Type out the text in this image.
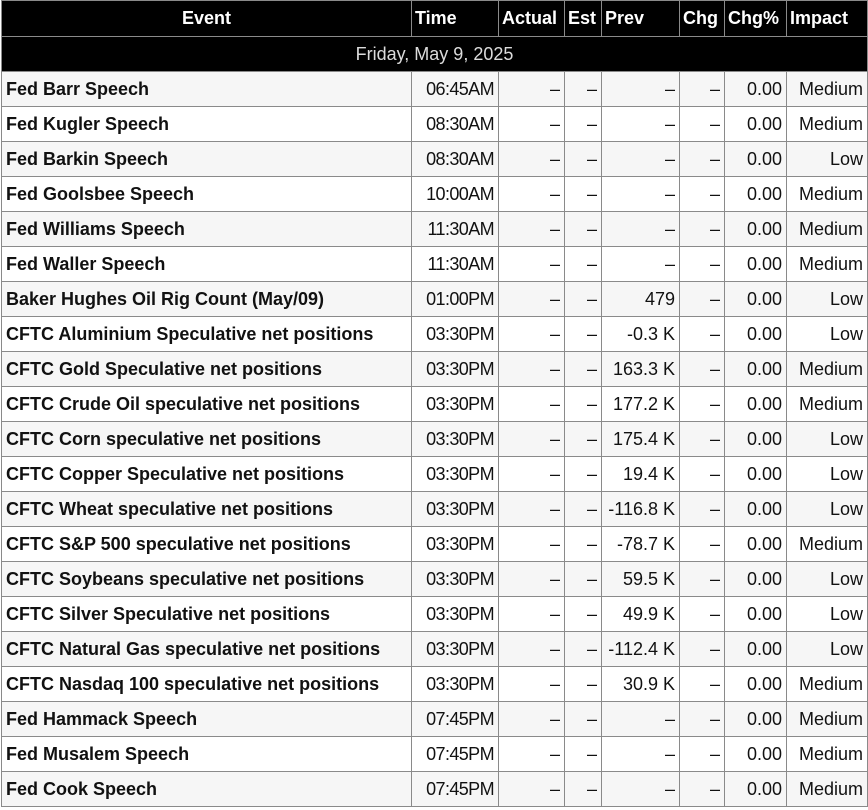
Event	Time	Actual	Est	Prev	Chg	Chg%	Impact
Friday, May 9, 2025							
Fed Barr Speech	06:45AM	–	–	–	–	0.00	Medium
Fed Kugler Speech	08:30AM	–	–	–	–	0.00	Medium
Fed Barkin Speech	08:30AM	–	–	–	–	0.00	Low
Fed Goolsbee Speech	10:00AM	–	–	–	–	0.00	Medium
Fed Williams Speech	11:30AM	–	–	–	–	0.00	Medium
Fed Waller Speech	11:30AM	–	–	–	–	0.00	Medium
Baker Hughes Oil Rig Count (May/09)	01:00PM	–	–	479	–	0.00	Low
CFTC Aluminium Speculative net positions	03:30PM	–	–	-0.3 K	–	0.00	Low
CFTC Gold Speculative net positions	03:30PM	–	–	163.3 K	–	0.00	Medium
CFTC Crude Oil speculative net positions	03:30PM	–	–	177.2 K	–	0.00	Medium
CFTC Corn speculative net positions	03:30PM	–	–	175.4 K	–	0.00	Low
CFTC Copper Speculative net positions	03:30PM	–	–	19.4 K	–	0.00	Low
CFTC Wheat speculative net positions	03:30PM	–	–	-116.8 K	–	0.00	Low
CFTC S&P 500 speculative net positions	03:30PM	–	–	-78.7 K	–	0.00	Medium
CFTC Soybeans speculative net positions	03:30PM	–	–	59.5 K	–	0.00	Low
CFTC Silver Speculative net positions	03:30PM	–	–	49.9 K	–	0.00	Low
CFTC Natural Gas speculative net positions	03:30PM	–	–	-112.4 K	–	0.00	Low
CFTC Nasdaq 100 speculative net positions	03:30PM	–	–	30.9 K	–	0.00	Medium
Fed Hammack Speech	07:45PM	–	–	–	–	0.00	Medium
Fed Musalem Speech	07:45PM	–	–	–	–	0.00	Medium
Fed Cook Speech	07:45PM	–	–	–	–	0.00	Medium
